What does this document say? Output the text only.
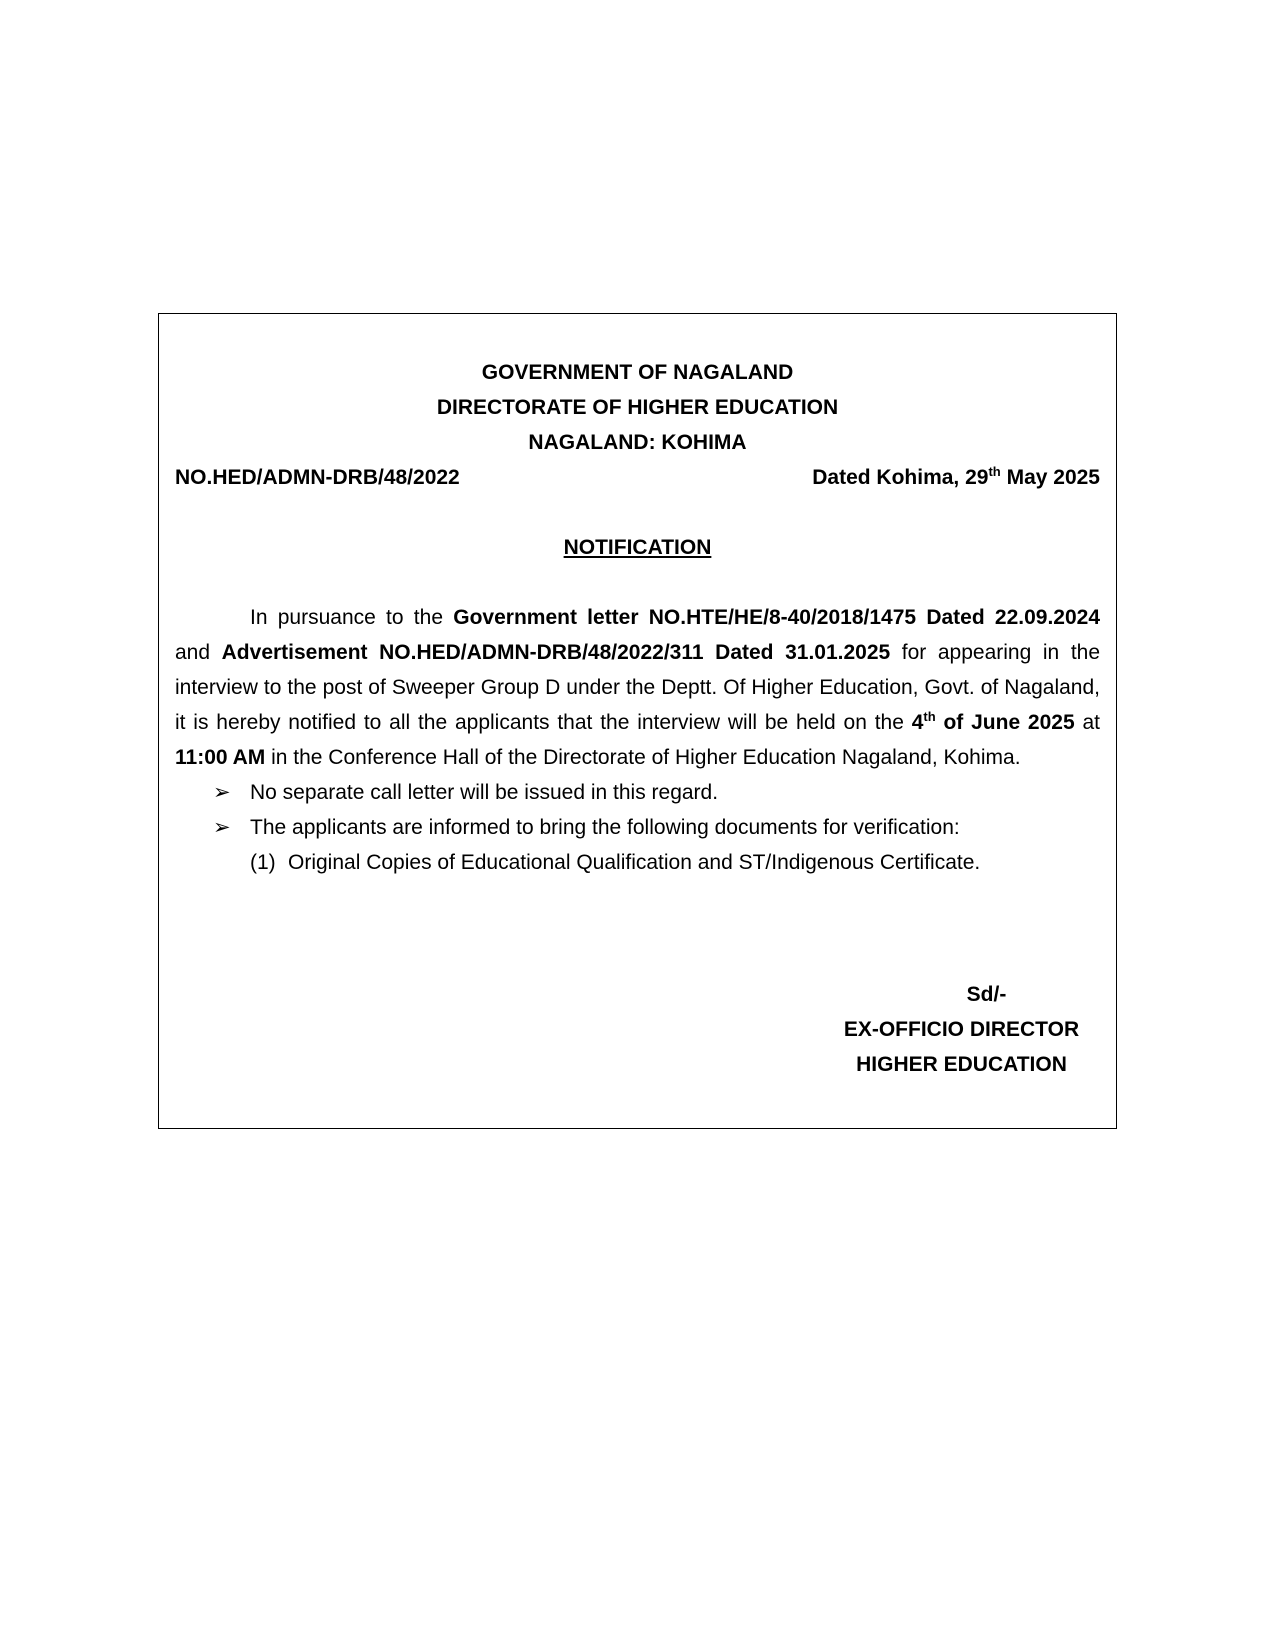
GOVERNMENT OF NAGALAND
DIRECTORATE OF HIGHER EDUCATION
NAGALAND: KOHIMA
NO.HED/ADMN-DRB/48/2022	Dated Kohima, 29th May 2025
NOTIFICATION
In pursuance to the Government letter NO.HTE/HE/8-40/2018/1475 Dated 22.09.2024 and Advertisement NO.HED/ADMN-DRB/48/2022/311 Dated 31.01.2025 for appearing in the interview to the post of Sweeper Group D under the Deptt. Of Higher Education, Govt. of Nagaland, it is hereby notified to all the applicants that the interview will be held on the 4th of June 2025 at 11:00 AM in the Conference Hall of the Directorate of Higher Education Nagaland, Kohima.
➢ No separate call letter will be issued in this regard.
➢ The applicants are informed to bring the following documents for verification:
(1) Original Copies of Educational Qualification and ST/Indigenous Certificate.
Sd/-
EX-OFFICIO DIRECTOR
HIGHER EDUCATION
